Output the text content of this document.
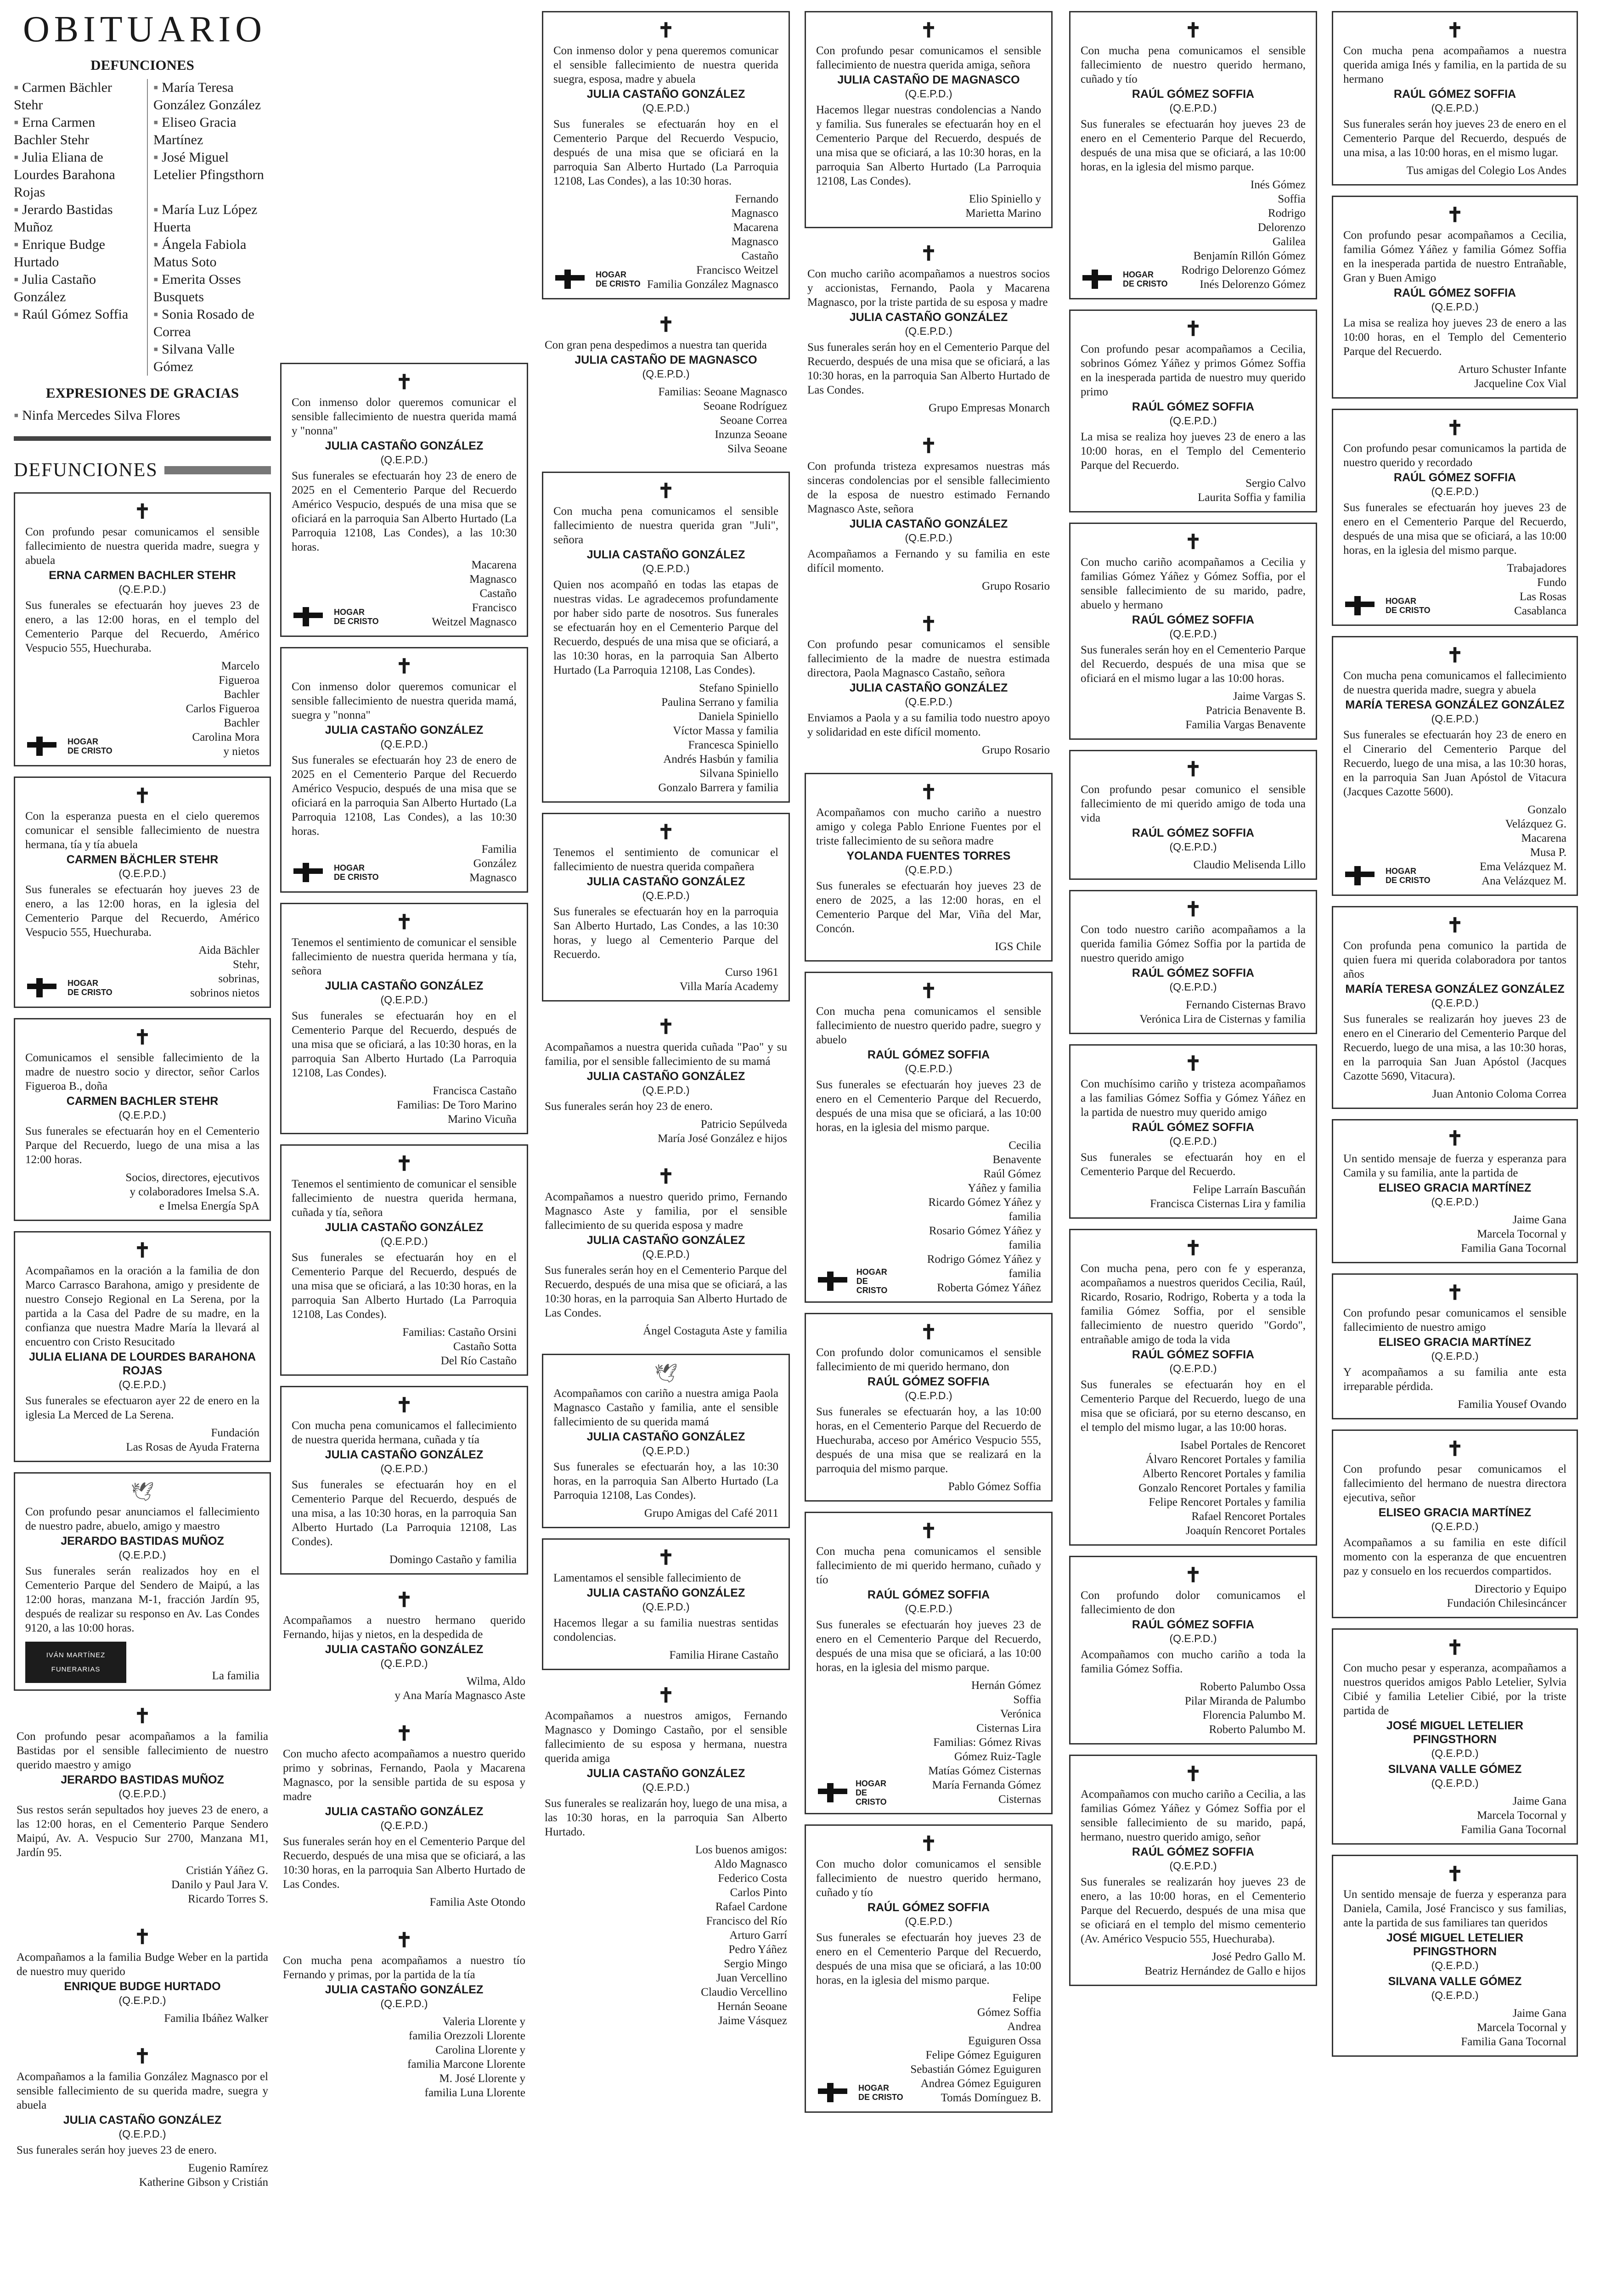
OBITUARIO
DEFUNCIONES
▪ Carmen Bächler Stehr
▪ María Teresa González González
▪ Erna Carmen Bachler Stehr
▪ Eliseo Gracia Martínez
▪ Julia Eliana de Lourdes Barahona Rojas
▪ José Miguel Letelier Pfingsthorn
▪ Jerardo Bastidas Muñoz
▪ María Luz López Huerta
▪ Enrique Budge Hurtado
▪ Ángela Fabiola Matus Soto
▪ Julia Castaño González
▪ Emerita Osses Busquets
▪ Raúl Gómez Soffia
▪	Sonia Rosado de Correa
▪ Silvana Valle Gómez
EXPRESIONES DE GRACIAS
▪ Ninfa Mercedes Silva Flores
DEFUNCIONES
✝
Con profundo pesar comunicamos el sensible fallecimiento de nuestra querida madre, suegra y abuela
ERNA CARMEN BACHLER STEHR
(Q.E.P.D.)
Sus funerales se efectuarán hoy jueves 23 de enero, a las 12:00 horas, en el templo del Cementerio Parque del Recuerdo, Américo Vespucio 555, Huechuraba.
HOGAR
DE CRISTO
Marcelo
Figueroa
Bachler
Carlos Figueroa
Bachler
Carolina Mora
y nietos
✝
Con la esperanza puesta en el cielo queremos comunicar el sensible fallecimiento de nuestra hermana, tía y tía abuela
CARMEN BÄCHLER STEHR
(Q.E.P.D.)
Sus funerales se efectuarán hoy jueves 23 de enero, a las 12:00 horas, en la iglesia del Cementerio Parque del Recuerdo, Américo Vespucio 555, Huechuraba.
HOGAR
DE CRISTO
Aida Bächler
Stehr,
sobrinas,
sobrinos nietos
✝
Comunicamos el sensible fallecimiento de la madre de nuestro socio y director, señor Carlos Figueroa B., doña
CARMEN BACHLER STEHR
(Q.E.P.D.)
Sus funerales se efectuarán hoy en el Cementerio Parque del Recuerdo, luego de una misa a las 12:00 horas.
Socios, directores, ejecutivos
y colaboradores Imelsa S.A.
e Imelsa Energía SpA
✝
Acompañamos en la oración a la familia de don Marco Carrasco Barahona, amigo y presidente de nuestro Consejo Regional en La Serena, por la partida a la Casa del Padre de su madre, en la confianza que nuestra Madre María la llevará al encuentro con Cristo Resucitado
JULIA ELIANA DE LOURDES BARAHONA ROJAS
(Q.E.P.D.)
Sus funerales se efectuaron ayer 22 de enero en la iglesia La Merced de La Serena.
Fundación
Las Rosas de Ayuda Fraterna
🕊
Con profundo pesar anunciamos el fallecimiento de nuestro padre, abuelo, amigo y maestro
JERARDO BASTIDAS MUÑOZ
(Q.E.P.D.)
Sus funerales serán realizados hoy en el Cementerio Parque del Sendero de Maipú, a las 12:00 horas, manzana M-1, fracción Jardín 95, después de realizar su responso en Av. Las Condes 9120, a las 10:00 horas.
IVÁN MARTÍNEZ
FUNERARIAS
La familia
✝
Con profundo pesar acompañamos a la familia Bastidas por el sensible fallecimiento de nuestro querido maestro y amigo
JERARDO BASTIDAS MUÑOZ
(Q.E.P.D.)
Sus restos serán sepultados hoy jueves 23 de enero, a las 12:00 horas, en el Cementerio Parque Sendero Maipú, Av. A. Vespucio Sur 2700, Manzana M1, Jardín 95.
Cristián Yáñez G.
Danilo y Paul Jara V.
Ricardo Torres S.
✝
Acompañamos a la familia Budge Weber en la partida de nuestro muy querido
ENRIQUE BUDGE HURTADO
(Q.E.P.D.)
Familia Ibáñez Walker
✝
Acompañamos a la familia González Magnasco por el sensible fallecimiento de su querida madre, suegra y abuela
JULIA CASTAÑO GONZÁLEZ
(Q.E.P.D.)
Sus funerales serán hoy jueves 23 de enero.
Eugenio Ramírez
Katherine Gibson y Cristián
✝
Con inmenso dolor queremos comunicar el sensible fallecimiento de nuestra querida mamá y "nonna"
JULIA CASTAÑO GONZÁLEZ
(Q.E.P.D.)
Sus funerales se efectuarán hoy 23 de enero de 2025 en el Cementerio Parque del Recuerdo Américo Vespucio, después de una misa que se oficiará en la parroquia San Alberto Hurtado (La Parroquia 12108, Las Condes), a las 10:30 horas.
HOGAR
DE CRISTO
Macarena
Magnasco
Castaño
Francisco
Weitzel Magnasco
✝
Con inmenso dolor queremos comunicar el sensible fallecimiento de nuestra querida mamá, suegra y "nonna"
JULIA CASTAÑO GONZÁLEZ
(Q.E.P.D.)
Sus funerales se efectuarán hoy 23 de enero de 2025 en el Cementerio Parque del Recuerdo Américo Vespucio, después de una misa que se oficiará en la parroquia San Alberto Hurtado (La Parroquia 12108, Las Condes), a las 10:30 horas.
HOGAR
DE CRISTO
Familia
González
Magnasco
✝
Tenemos el sentimiento de comunicar el sensible fallecimiento de nuestra querida hermana y tía, señora
JULIA CASTAÑO GONZÁLEZ
(Q.E.P.D.)
Sus funerales se efectuarán hoy en el Cementerio Parque del Recuerdo, después de una misa que se oficiará, a las 10:30 horas, en la parroquia San Alberto Hurtado (La Parroquia 12108, Las Condes).
Francisca Castaño
Familias: De Toro Marino
Marino Vicuña
✝
Tenemos el sentimiento de comunicar el sensible fallecimiento de nuestra querida hermana, cuñada y tía, señora
JULIA CASTAÑO GONZÁLEZ
(Q.E.P.D.)
Sus funerales se efectuarán hoy en el Cementerio Parque del Recuerdo, después de una misa que se oficiará, a las 10:30 horas, en la parroquia San Alberto Hurtado (La Parroquia 12108, Las Condes).
Familias: Castaño Orsini
Castaño Sotta
Del Río Castaño
✝
Con mucha pena comunicamos el fallecimiento de nuestra querida hermana, cuñada y tía
JULIA CASTAÑO GONZÁLEZ
(Q.E.P.D.)
Sus funerales se efectuarán hoy en el Cementerio Parque del Recuerdo, después de una misa, a las 10:30 horas, en la parroquia San Alberto Hurtado (La Parroquia 12108, Las Condes).
Domingo Castaño y familia
✝
Acompañamos a nuestro hermano querido Fernando, hijas y nietos, en la despedida de
JULIA CASTAÑO GONZÁLEZ
(Q.E.P.D.)
Wilma, Aldo
y Ana María Magnasco Aste
✝
Con mucho afecto acompañamos a nuestro querido primo y sobrinas, Fernando, Paola y Macarena Magnasco, por la sensible partida de su esposa y madre
JULIA CASTAÑO GONZÁLEZ
(Q.E.P.D.)
Sus funerales serán hoy en el Cementerio Parque del Recuerdo, después de una misa que se oficiará, a las 10:30 horas, en la parroquia San Alberto Hurtado de Las Condes.
Familia Aste Otondo
✝
Con mucha pena acompañamos a nuestro tío Fernando y primas, por la partida de la tía
JULIA CASTAÑO GONZÁLEZ
(Q.E.P.D.)
Valeria Llorente y
familia Orezzoli Llorente
Carolina Llorente y
familia Marcone Llorente
M. José Llorente y
familia Luna Llorente
✝
Con inmenso dolor y pena queremos comunicar el sensible fallecimiento de nuestra querida suegra, esposa, madre y abuela
JULIA CASTAÑO GONZÁLEZ
(Q.E.P.D.)
Sus funerales se efectuarán hoy en el Cementerio Parque del Recuerdo Vespucio, después de una misa que se oficiará en la parroquia San Alberto Hurtado (La Parroquia 12108, Las Condes), a las 10:30 horas.
HOGAR
DE CRISTO
Fernando
Magnasco
Macarena
Magnasco
Castaño
Francisco Weitzel
Familia González Magnasco
✝
Con gran pena despedimos a nuestra tan querida
JULIA CASTAÑO DE MAGNASCO
(Q.E.P.D.)
Familias: Seoane Magnasco
Seoane Rodríguez
Seoane Correa
Inzunza Seoane
Silva Seoane
✝
Con mucha pena comunicamos el sensible fallecimiento de nuestra querida gran "Juli", señora
JULIA CASTAÑO GONZÁLEZ
(Q.E.P.D.)
Quien nos acompañó en todas las etapas de nuestras vidas. Le agradecemos profundamente por haber sido parte de nosotros. Sus funerales se efectuarán hoy en el Cementerio Parque del Recuerdo, después de una misa que se oficiará, a las 10:30 horas, en la parroquia San Alberto Hurtado (La Parroquia 12108, Las Condes).
Stefano Spiniello
Paulina Serrano y familia
Daniela Spiniello
Víctor Massa y familia
Francesca Spiniello
Andrés Hasbún y familia
Silvana Spiniello
Gonzalo Barrera y familia
✝
Tenemos el sentimiento de comunicar el fallecimiento de nuestra querida compañera
JULIA CASTAÑO GONZÁLEZ
(Q.E.P.D.)
Sus funerales se efectuarán hoy en la parroquia San Alberto Hurtado, Las Condes, a las 10:30 horas, y luego al Cementerio Parque del Recuerdo.
Curso 1961
Villa María Academy
✝
Acompañamos a nuestra querida cuñada "Pao" y su familia, por el sensible fallecimiento de su mamá
JULIA CASTAÑO GONZÁLEZ
(Q.E.P.D.)
Sus funerales serán hoy 23 de enero.
Patricio Sepúlveda
María José González e hijos
✝
Acompañamos a nuestro querido primo, Fernando Magnasco Aste y familia, por el sensible fallecimiento de su querida esposa y madre
JULIA CASTAÑO GONZÁLEZ
(Q.E.P.D.)
Sus funerales serán hoy en el Cementerio Parque del Recuerdo, después de una misa que se oficiará, a las 10:30 horas, en la parroquia San Alberto Hurtado de Las Condes.
Ángel Costaguta Aste y familia
🕊
Acompañamos con cariño a nuestra amiga Paola Magnasco Castaño y familia, ante el sensible fallecimiento de su querida mamá
JULIA CASTAÑO GONZÁLEZ
(Q.E.P.D.)
Sus funerales se efectuarán hoy, a las 10:30 horas, en la parroquia San Alberto Hurtado (La Parroquia 12108, Las Condes).
Grupo Amigas del Café 2011
✝
Lamentamos el sensible fallecimiento de
JULIA CASTAÑO GONZÁLEZ
(Q.E.P.D.)
Hacemos llegar a su familia nuestras sentidas condolencias.
Familia Hirane Castaño
✝
Acompañamos a nuestros amigos, Fernando Magnasco y Domingo Castaño, por el sensible fallecimiento de su esposa y hermana, nuestra querida amiga
JULIA CASTAÑO GONZÁLEZ
(Q.E.P.D.)
Sus funerales se realizarán hoy, luego de una misa, a las 10:30 horas, en la parroquia San Alberto Hurtado.
Los buenos amigos:
Aldo Magnasco
Federico Costa
Carlos Pinto
Rafael Cardone
Francisco del Río
Arturo Garrí
Pedro Yáñez
Sergio Mingo
Juan Vercellino
Claudio Vercellino
Hernán Seoane
Jaime Vásquez
✝
Con profundo pesar comunicamos el sensible fallecimiento de nuestra querida amiga, señora
JULIA CASTAÑO DE MAGNASCO
(Q.E.P.D.)
Hacemos llegar nuestras condolencias a Nando y familia. Sus funerales se efectuarán hoy en el Cementerio Parque del Recuerdo, después de una misa que se oficiará, a las 10:30 horas, en la parroquia San Alberto Hurtado (La Parroquia 12108, Las Condes).
Elio Spiniello y
Marietta Marino
✝
Con mucho cariño acompañamos a nuestros socios y accionistas, Fernando, Paola y Macarena Magnasco, por la triste partida de su esposa y madre
JULIA CASTAÑO GONZÁLEZ
(Q.E.P.D.)
Sus funerales serán hoy en el Cementerio Parque del Recuerdo, después de una misa que se oficiará, a las 10:30 horas, en la parroquia San Alberto Hurtado de Las Condes.
Grupo Empresas Monarch
✝
Con profunda tristeza expresamos nuestras más sinceras condolencias por el sensible fallecimiento de la esposa de nuestro estimado Fernando Magnasco Aste, señora
JULIA CASTAÑO GONZÁLEZ
(Q.E.P.D.)
Acompañamos a Fernando y su familia en este difícil momento.
Grupo Rosario
✝
Con profundo pesar comunicamos el sensible fallecimiento de la madre de nuestra estimada directora, Paola Magnasco Castaño, señora
JULIA CASTAÑO GONZÁLEZ
(Q.E.P.D.)
Enviamos a Paola y a su familia todo nuestro apoyo y solidaridad en este difícil momento.
Grupo Rosario
✝
Acompañamos con mucho cariño a nuestro amigo y colega Pablo Enrione Fuentes por el triste fallecimiento de su señora madre
YOLANDA FUENTES TORRES
(Q.E.P.D.)
Sus funerales se efectuarán hoy jueves 23 de enero de 2025, a las 12:00 horas, en el Cementerio Parque del Mar, Viña del Mar, Concón.
IGS Chile
✝
Con mucha pena comunicamos el sensible fallecimiento de nuestro querido padre, suegro y abuelo
RAÚL GÓMEZ SOFFIA
(Q.E.P.D.)
Sus funerales se efectuarán hoy jueves 23 de enero en el Cementerio Parque del Recuerdo, después de una misa que se oficiará, a las 10:00 horas, en la iglesia del mismo parque.
HOGAR
DE CRISTO
Cecilia
Benavente
Raúl Gómez
Yáñez y familia
Ricardo Gómez Yáñez y familia
Rosario Gómez Yáñez y familia
Rodrigo Gómez Yáñez y familia
Roberta Gómez Yáñez
✝
Con profundo dolor comunicamos el sensible fallecimiento de mi querido hermano, don
RAÚL GÓMEZ SOFFIA
(Q.E.P.D.)
Sus funerales se efectuarán hoy, a las 10:00 horas, en el Cementerio Parque del Recuerdo de Huechuraba, acceso por Américo Vespucio 555, después de una misa que se realizará en la parroquia del mismo parque.
Pablo Gómez Soffia
✝
Con mucha pena comunicamos el sensible fallecimiento de mi querido hermano, cuñado y tío
RAÚL GÓMEZ SOFFIA
(Q.E.P.D.)
Sus funerales se efectuarán hoy jueves 23 de enero en el Cementerio Parque del Recuerdo, después de una misa que se oficiará, a las 10:00 horas, en la iglesia del mismo parque.
HOGAR
DE CRISTO
Hernán Gómez
Soffia
Verónica
Cisternas Lira
Familias: Gómez Rivas
Gómez Ruiz-Tagle
Matías Gómez Cisternas
María Fernanda Gómez Cisternas
✝
Con mucho dolor comunicamos el sensible fallecimiento de nuestro querido hermano, cuñado y tío
RAÚL GÓMEZ SOFFIA
(Q.E.P.D.)
Sus funerales se efectuarán hoy jueves 23 de enero en el Cementerio Parque del Recuerdo, después de una misa que se oficiará, a las 10:00 horas, en la iglesia del mismo parque.
HOGAR
DE CRISTO
Felipe
Gómez Soffia
Andrea
Eguiguren Ossa
Felipe Gómez Eguiguren
Sebastián Gómez Eguiguren
Andrea Gómez Eguiguren
Tomás Domínguez B.
✝
Con mucha pena comunicamos el sensible fallecimiento de nuestro querido hermano, cuñado y tío
RAÚL GÓMEZ SOFFIA
(Q.E.P.D.)
Sus funerales se efectuarán hoy jueves 23 de enero en el Cementerio Parque del Recuerdo, después de una misa que se oficiará, a las 10:00 horas, en la iglesia del mismo parque.
HOGAR
DE CRISTO
Inés Gómez
Soffia
Rodrigo
Delorenzo
Galilea
Benjamín Rillón Gómez
Rodrigo Delorenzo Gómez
Inés Delorenzo Gómez
✝
Con profundo pesar acompañamos a Cecilia, sobrinos Gómez Yáñez y primos Gómez Soffia en la inesperada partida de nuestro muy querido primo
RAÚL GÓMEZ SOFFIA
(Q.E.P.D.)
La misa se realiza hoy jueves 23 de enero a las 10:00 horas, en el Templo del Cementerio Parque del Recuerdo.
Sergio Calvo
Laurita Soffia y familia
✝
Con mucho cariño acompañamos a Cecilia y familias Gómez Yáñez y Gómez Soffia, por el sensible fallecimiento de su marido, padre, abuelo y hermano
RAÚL GÓMEZ SOFFIA
(Q.E.P.D.)
Sus funerales serán hoy en el Cementerio Parque del Recuerdo, después de una misa que se oficiará en el mismo lugar a las 10:00 horas.
Jaime Vargas S.
Patricia Benavente B.
Familia Vargas Benavente
✝
Con profundo pesar comunico el sensible fallecimiento de mi querido amigo de toda una vida
RAÚL GÓMEZ SOFFIA
(Q.E.P.D.)
Claudio Melisenda Lillo
✝
Con todo nuestro cariño acompañamos a la querida familia Gómez Soffia por la partida de nuestro querido amigo
RAÚL GÓMEZ SOFFIA
(Q.E.P.D.)
Fernando Cisternas Bravo
Verónica Lira de Cisternas y familia
✝
Con muchísimo cariño y tristeza acompañamos a las familias Gómez Soffia y Gómez Yáñez en la partida de nuestro muy querido amigo
RAÚL GÓMEZ SOFFIA
(Q.E.P.D.)
Sus funerales se efectuarán hoy en el Cementerio Parque del Recuerdo.
Felipe Larraín Bascuñán
Francisca Cisternas Lira y familia
✝
Con mucha pena, pero con fe y esperanza, acompañamos a nuestros queridos Cecilia, Raúl, Ricardo, Rosario, Rodrigo, Roberta y a toda la familia Gómez Soffia, por el sensible fallecimiento de nuestro querido "Gordo", entrañable amigo de toda la vida
RAÚL GÓMEZ SOFFIA
(Q.E.P.D.)
Sus funerales se efectuarán hoy en el Cementerio Parque del Recuerdo, luego de una misa que se oficiará, por su eterno descanso, en el templo del mismo lugar, a las 10:00 horas.
Isabel Portales de Rencoret
Álvaro Rencoret Portales y familia
Alberto Rencoret Portales y familia
Gonzalo Rencoret Portales y familia
Felipe Rencoret Portales y familia
Rafael Rencoret Portales
Joaquín Rencoret Portales
✝
Con profundo dolor comunicamos el fallecimiento de don
RAÚL GÓMEZ SOFFIA
(Q.E.P.D.)
Acompañamos con mucho cariño a toda la familia Gómez Soffia.
Roberto Palumbo Ossa
Pilar Miranda de Palumbo
Florencia Palumbo M.
Roberto Palumbo M.
✝
Acompañamos con mucho cariño a Cecilia, a las familias Gómez Yáñez y Gómez Soffia por el sensible fallecimiento de su marido, papá, hermano, nuestro querido amigo, señor
RAÚL GÓMEZ SOFFIA
(Q.E.P.D.)
Sus funerales se realizarán hoy jueves 23 de enero, a las 10:00 horas, en el Cementerio Parque del Recuerdo, después de una misa que se oficiará en el templo del mismo cementerio (Av. Américo Vespucio 555, Huechuraba).
José Pedro Gallo M.
Beatriz Hernández de Gallo e hijos
✝
Con mucha pena acompañamos a nuestra querida amiga Inés y familia, en la partida de su hermano
RAÚL GÓMEZ SOFFIA
(Q.E.P.D.)
Sus funerales serán hoy jueves 23 de enero en el Cementerio Parque del Recuerdo, después de una misa, a las 10:00 horas, en el mismo lugar.
Tus amigas del Colegio Los Andes
✝
Con profundo pesar acompañamos a Cecilia, familia Gómez Yáñez y familia Gómez Soffia en la inesperada partida de nuestro Entrañable, Gran y Buen Amigo
RAÚL GÓMEZ SOFFIA
(Q.E.P.D.)
La misa se realiza hoy jueves 23 de enero a las 10:00 horas, en el Templo del Cementerio Parque del Recuerdo.
Arturo Schuster Infante
Jacqueline Cox Vial
✝
Con profundo pesar comunicamos la partida de nuestro querido y recordado
RAÚL GÓMEZ SOFFIA
(Q.E.P.D.)
Sus funerales se efectuarán hoy jueves 23 de enero en el Cementerio Parque del Recuerdo, después de una misa que se oficiará, a las 10:00 horas, en la iglesia del mismo parque.
HOGAR
DE CRISTO
Trabajadores
Fundo
Las Rosas
Casablanca
✝
Con mucha pena comunicamos el fallecimiento de nuestra querida madre, suegra y abuela
MARÍA TERESA GONZÁLEZ GONZÁLEZ
(Q.E.P.D.)
Sus funerales se efectuarán hoy 23 de enero en el Cinerario del Cementerio Parque del Recuerdo, luego de una misa, a las 10:30 horas, en la parroquia San Juan Apóstol de Vitacura (Jacques Cazotte 5600).
HOGAR
DE CRISTO
Gonzalo
Velázquez G.
Macarena
Musa P.
Ema Velázquez M.
Ana Velázquez M.
✝
Con profunda pena comunico la partida de quien fuera mi querida colaboradora por tantos años
MARÍA TERESA GONZÁLEZ GONZÁLEZ
(Q.E.P.D.)
Sus funerales se realizarán hoy jueves 23 de enero en el Cinerario del Cementerio Parque del Recuerdo, luego de una misa, a las 10:30 horas, en la parroquia San Juan Apóstol (Jacques Cazotte 5690, Vitacura).
Juan Antonio Coloma Correa
✝
Un sentido mensaje de fuerza y esperanza para Camila y su familia, ante la partida de
ELISEO GRACIA MARTÍNEZ
(Q.E.P.D.)
Jaime Gana
Marcela Tocornal y
Familia Gana Tocornal
✝
Con profundo pesar comunicamos el sensible fallecimiento de nuestro amigo
ELISEO GRACIA MARTÍNEZ
(Q.E.P.D.)
Y acompañamos a su familia ante esta irreparable pérdida.
Familia Yousef Ovando
✝
Con profundo pesar comunicamos el fallecimiento del hermano de nuestra directora ejecutiva, señor
ELISEO GRACIA MARTÍNEZ
(Q.E.P.D.)
Acompañamos a su familia en este difícil momento con la esperanza de que encuentren paz y consuelo en los recuerdos compartidos.
Directorio y Equipo
Fundación Chilesincáncer
✝
Con mucho pesar y esperanza, acompañamos a nuestros queridos amigos Pablo Letelier, Sylvia Cibié y familia Letelier Cibié, por la triste partida de
JOSÉ MIGUEL LETELIER PFINGSTHORN
(Q.E.P.D.)
SILVANA VALLE GÓMEZ
(Q.E.P.D.)
Jaime Gana
Marcela Tocornal y
Familia Gana Tocornal
✝
Un sentido mensaje de fuerza y esperanza para Daniela, Camila, José Francisco y sus familias, ante la partida de sus familiares tan queridos
JOSÉ MIGUEL LETELIER PFINGSTHORN
(Q.E.P.D.)
SILVANA VALLE GÓMEZ
(Q.E.P.D.)
Jaime Gana
Marcela Tocornal y
Familia Gana Tocornal
